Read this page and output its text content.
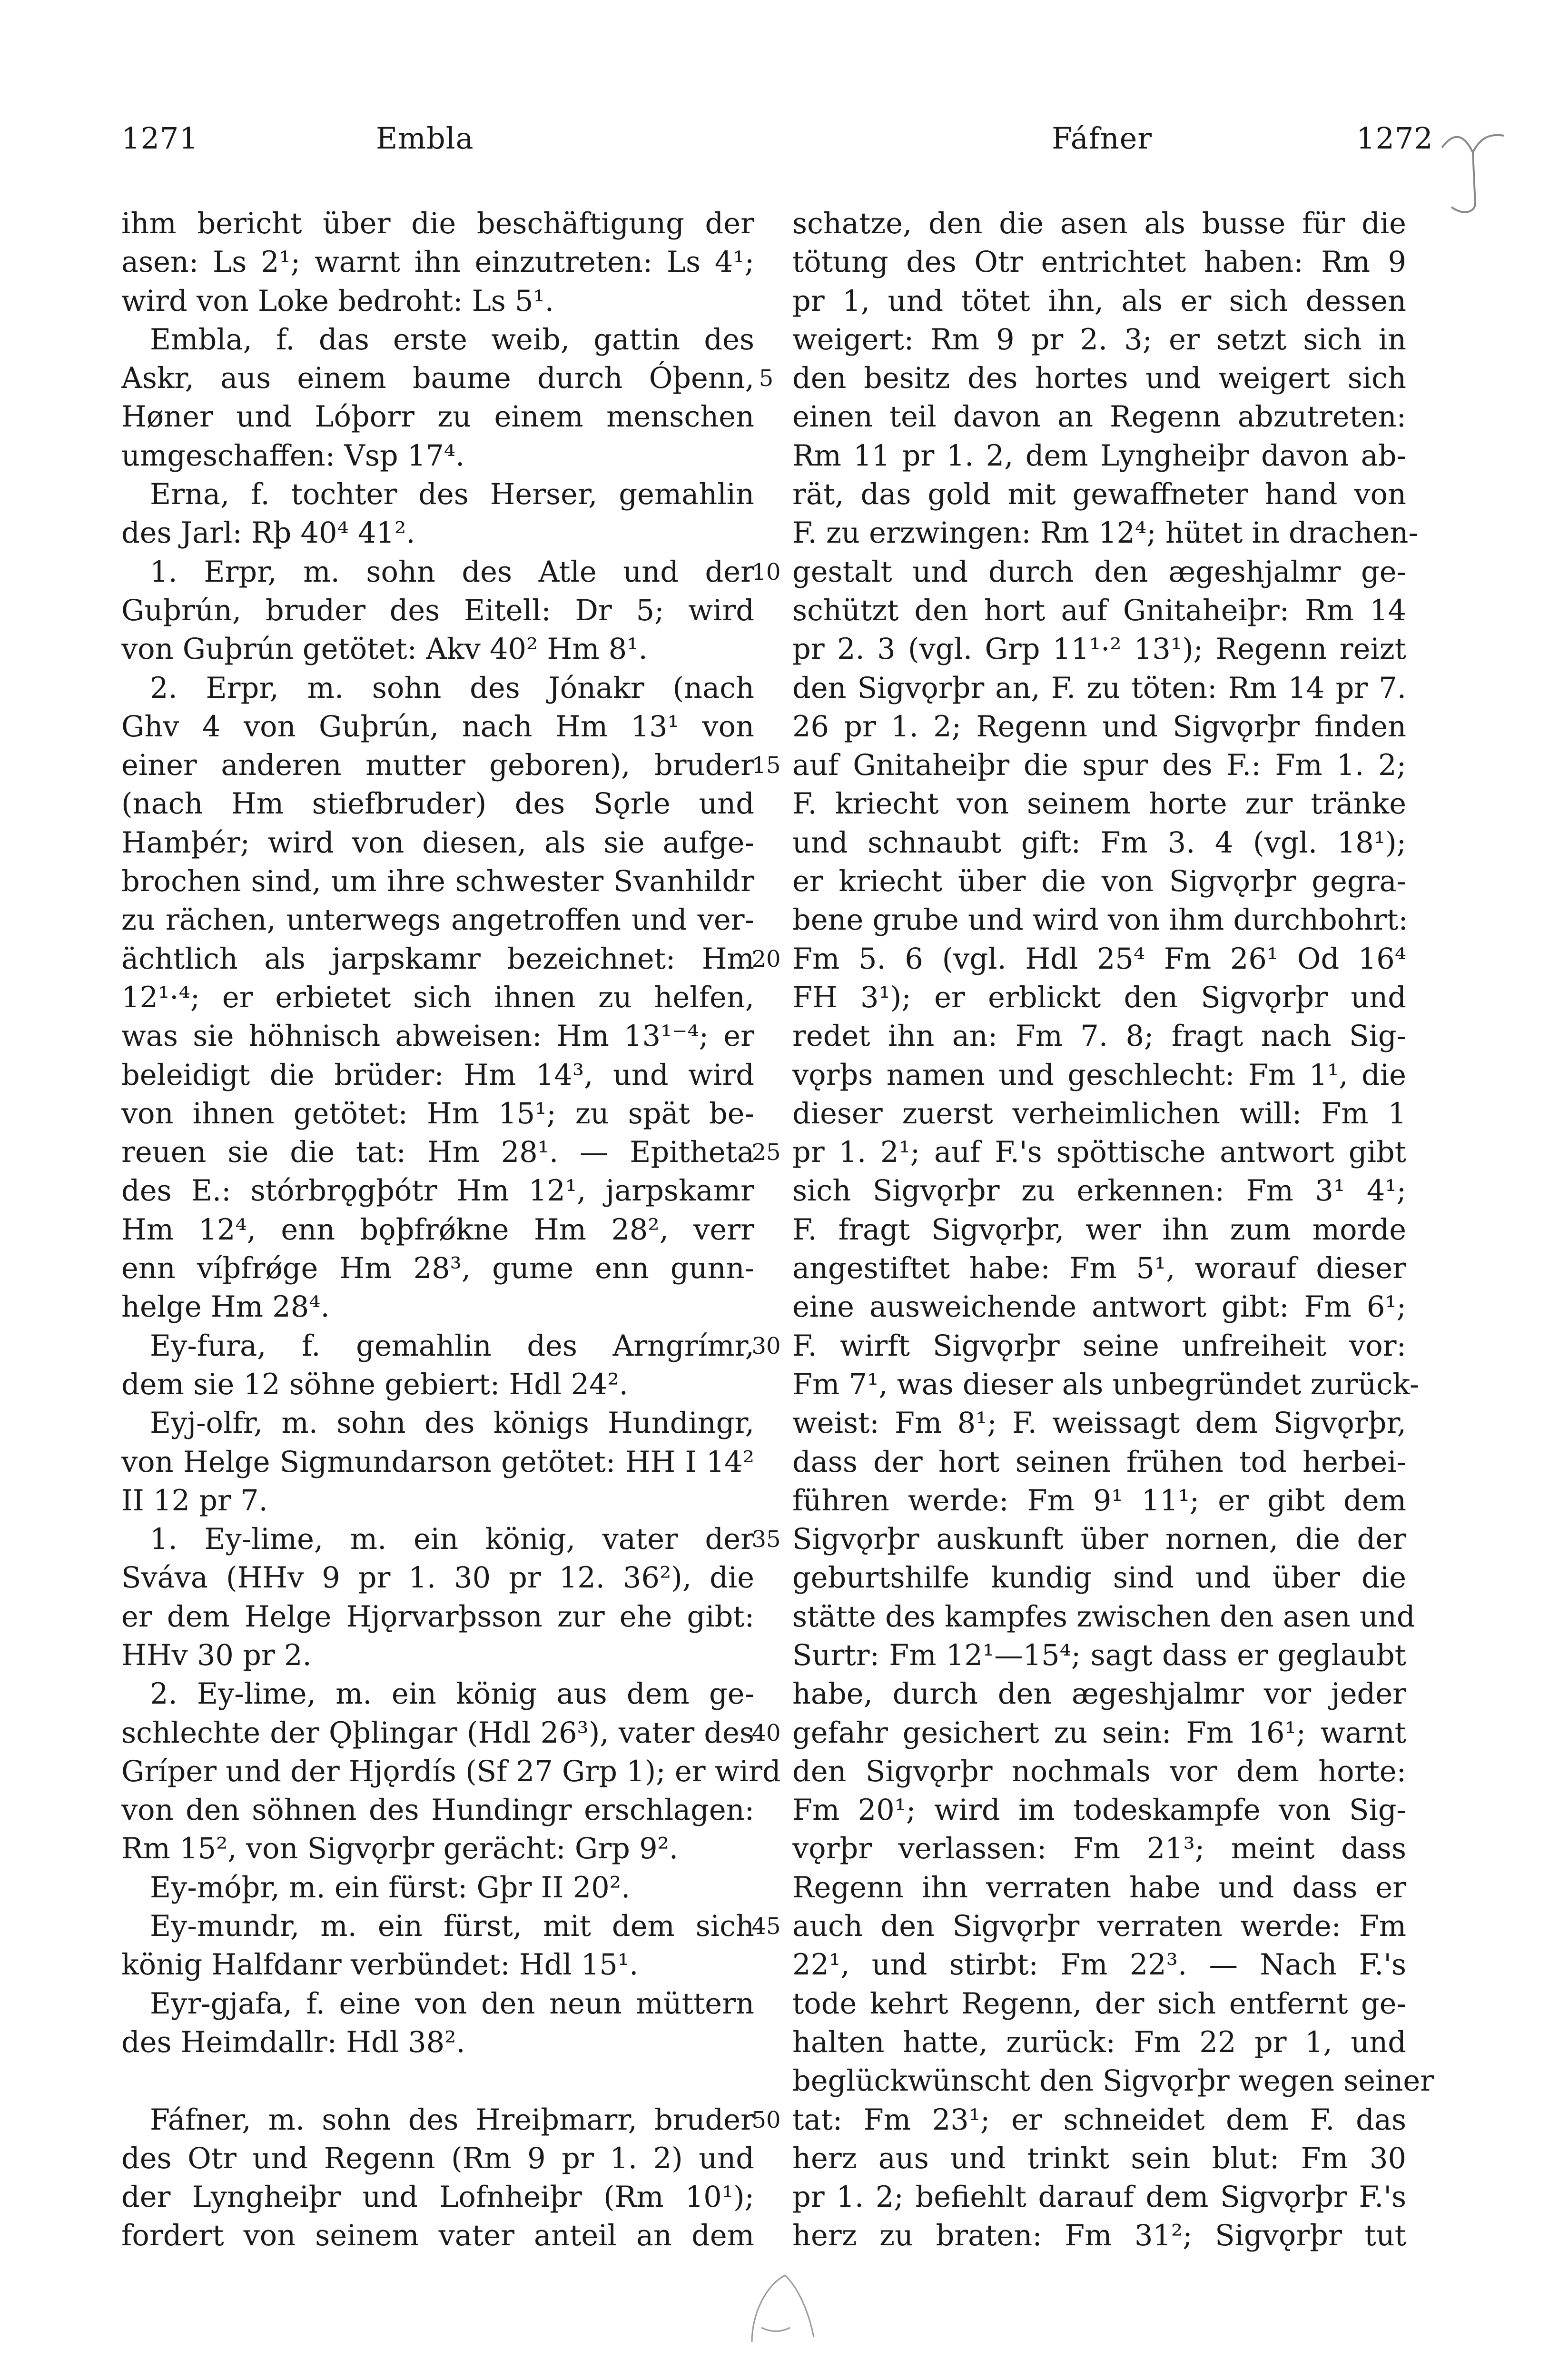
1271	Embla	Fáfner	1272
ihm bericht über die beschäftigung der
asen: Ls 2¹; warnt ihn einzutreten: Ls 4¹;
wird von Loke bedroht: Ls 5¹.
Embla, f. das erste weib, gattin des
Askr, aus einem baume durch Óþenn,
Høner und Lóþorr zu einem menschen
umgeschaffen: Vsp 17⁴.
Erna, f. tochter des Herser, gemahlin
des Jarl: Rþ 40⁴ 41².
1. Erpr, m. sohn des Atle und der
Guþrún, bruder des Eitell: Dr 5; wird
von Guþrún getötet: Akv 40² Hm 8¹.
2. Erpr, m. sohn des Jónakr (nach
Ghv 4 von Guþrún, nach Hm 13¹ von
einer anderen mutter geboren), bruder
(nach Hm stiefbruder) des Sǫrle und
Hamþér; wird von diesen, als sie aufge-
brochen sind, um ihre schwester Svanhildr
zu rächen, unterwegs angetroffen und ver-
ächtlich als jarpskamr bezeichnet: Hm
12¹·⁴; er erbietet sich ihnen zu helfen,
was sie höhnisch abweisen: Hm 13¹⁻⁴; er
beleidigt die brüder: Hm 14³, und wird
von ihnen getötet: Hm 15¹; zu spät be-
reuen sie die tat: Hm 28¹. — Epitheta
des E.: stórbrǫgþótr Hm 12¹, jarpskamr
Hm 12⁴, enn bǫþfrǿkne Hm 28², verr
enn víþfrǿge Hm 28³, gume enn gunn-
helge Hm 28⁴.
Ey-fura, f. gemahlin des Arngrímr,
dem sie 12 söhne gebiert: Hdl 24².
Eyj-olfr, m. sohn des königs Hundingr,
von Helge Sigmundarson getötet: HH I 14²
II 12 pr 7.
1. Ey-lime, m. ein könig, vater der
Sváva (HHv 9 pr 1. 30 pr 12. 36²), die
er dem Helge Hjǫrvarþsson zur ehe gibt:
HHv 30 pr 2.
2. Ey-lime, m. ein könig aus dem ge-
schlechte der Ǫþlingar (Hdl 26³), vater des
Gríper und der Hjǫrdís (Sf 27 Grp 1); er wird
von den söhnen des Hundingr erschlagen:
Rm 15², von Sigvǫrþr gerächt: Grp 9².
Ey-móþr, m. ein fürst: Gþr II 20².
Ey-mundr, m. ein fürst, mit dem sich
könig Halfdanr verbündet: Hdl 15¹.
Eyr-gjafa, f. eine von den neun müttern
des Heimdallr: Hdl 38².
Fáfner, m. sohn des Hreiþmarr, bruder
des Otr und Regenn (Rm 9 pr 1. 2) und
der Lyngheiþr und Lofnheiþr (Rm 10¹);
fordert von seinem vater anteil an dem
5
10
15
20
25
30
35
40
45
50
schatze, den die asen als busse für die
tötung des Otr entrichtet haben: Rm 9
pr 1, und tötet ihn, als er sich dessen
weigert: Rm 9 pr 2. 3; er setzt sich in
den besitz des hortes und weigert sich
einen teil davon an Regenn abzutreten:
Rm 11 pr 1. 2, dem Lyngheiþr davon ab-
rät, das gold mit gewaffneter hand von
F. zu erzwingen: Rm 12⁴; hütet in drachen-
gestalt und durch den ægeshjalmr ge-
schützt den hort auf Gnitaheiþr: Rm 14
pr 2. 3 (vgl. Grp 11¹·² 13¹); Regenn reizt
den Sigvǫrþr an, F. zu töten: Rm 14 pr 7.
26 pr 1. 2; Regenn und Sigvǫrþr finden
auf Gnitaheiþr die spur des F.: Fm 1. 2;
F. kriecht von seinem horte zur tränke
und schnaubt gift: Fm 3. 4 (vgl. 18¹);
er kriecht über die von Sigvǫrþr gegra-
bene grube und wird von ihm durchbohrt:
Fm 5. 6 (vgl. Hdl 25⁴ Fm 26¹ Od 16⁴
FH 3¹); er erblickt den Sigvǫrþr und
redet ihn an: Fm 7. 8; fragt nach Sig-
vǫrþs namen und geschlecht: Fm 1¹, die
dieser zuerst verheimlichen will: Fm 1
pr 1. 2¹; auf F.'s spöttische antwort gibt
sich Sigvǫrþr zu erkennen: Fm 3¹ 4¹;
F. fragt Sigvǫrþr, wer ihn zum morde
angestiftet habe: Fm 5¹, worauf dieser
eine ausweichende antwort gibt: Fm 6¹;
F. wirft Sigvǫrþr seine unfreiheit vor:
Fm 7¹, was dieser als unbegründet zurück-
weist: Fm 8¹; F. weissagt dem Sigvǫrþr,
dass der hort seinen frühen tod herbei-
führen werde: Fm 9¹ 11¹; er gibt dem
Sigvǫrþr auskunft über nornen, die der
geburtshilfe kundig sind und über die
stätte des kampfes zwischen den asen und
Surtr: Fm 12¹—15⁴; sagt dass er geglaubt
habe, durch den ægeshjalmr vor jeder
gefahr gesichert zu sein: Fm 16¹; warnt
den Sigvǫrþr nochmals vor dem horte:
Fm 20¹; wird im todeskampfe von Sig-
vǫrþr verlassen: Fm 21³; meint dass
Regenn ihn verraten habe und dass er
auch den Sigvǫrþr verraten werde: Fm
22¹, und stirbt: Fm 22³. — Nach F.'s
tode kehrt Regenn, der sich entfernt ge-
halten hatte, zurück: Fm 22 pr 1, und
beglückwünscht den Sigvǫrþr wegen seiner
tat: Fm 23¹; er schneidet dem F. das
herz aus und trinkt sein blut: Fm 30
pr 1. 2; befiehlt darauf dem Sigvǫrþr F.'s
herz zu braten: Fm 31²; Sigvǫrþr tut
